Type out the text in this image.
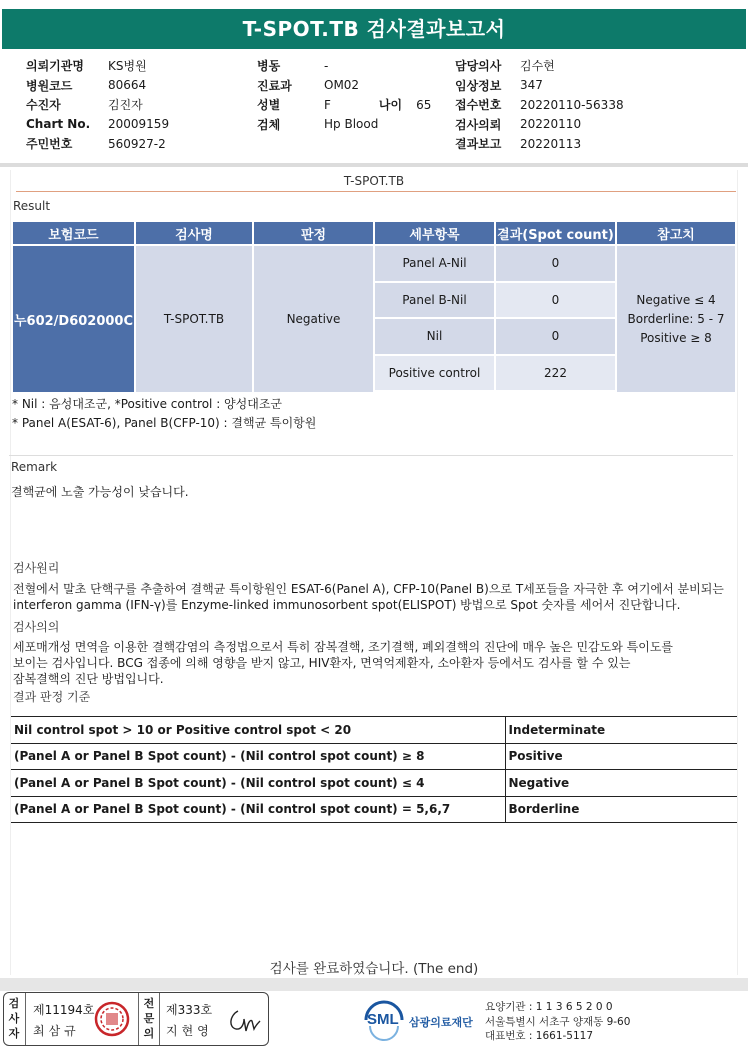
T-SPOT.TB 검사결과보고서
의뢰기관명	KS병원
병원코드	80664
수진자	김진자
Chart No.	20009159
주민번호	560927-2
병동	-
진료과	OM02
성별	F	나이 65
검체	Hp Blood
담당의사	김수현
임상정보	347
접수번호	20220110-56338
검사의뢰	20220110
결과보고	20220113
T-SPOT.TB
Result
보험코드	검사명	판정	세부항목	결과(Spot count)	참고치
누602/D602000C	T-SPOT.TB	Negative	Panel A-Nil	0	Negative ≤ 4
Borderline: 5 - 7
Positive ≥ 8

			Panel B-Nil	0	
			Nil	0	
			Positive control	222	
* Nil : 음성대조군, *Positive control : 양성대조군
* Panel A(ESAT-6), Panel B(CFP-10) : 결핵균 특이항원
Remark
결핵균에 노출 가능성이 낮습니다.
검사원리
전혈에서 말초 단핵구를 추출하여 결핵균 특이항원인 ESAT-6(Panel A), CFP-10(Panel B)으로 T세포들을 자극한 후 여기에서 분비되는
interferon gamma (IFN-γ)를 Enzyme-linked immunosorbent spot(ELISPOT) 방법으로 Spot 숫자를 세어서 진단합니다.
검사의의
세포매개성 면역을 이용한 결핵감염의 측정법으로서 특히 잠복결핵, 조기결핵, 폐외결핵의 진단에 매우 높은 민감도와 특이도를
보이는 검사입니다. BCG 접종에 의해 영향을 받지 않고, HIV환자, 면역억제환자, 소아환자 등에서도 검사를 할 수 있는
잠복결핵의 진단 방법입니다.
결과 판정 기준
Nil control spot > 10 or Positive control spot < 20	Indeterminate
(Panel A or Panel B Spot count) - (Nil control spot count) ≥ 8	Positive
(Panel A or Panel B Spot count) - (Nil control spot count) ≤ 4	Negative
(Panel A or Panel B Spot count) - (Nil control spot count) = 5,6,7	Borderline
검사를 완료하였습니다. (The end)
검사자
제11194호
최삼규
전문의
제333호
지현영
SML 삼광의료재단
요양기관 : 1 1 3 6 5 2 0 0
서울특별시 서초구 양재동 9-60
대표번호 : 1661-5117
